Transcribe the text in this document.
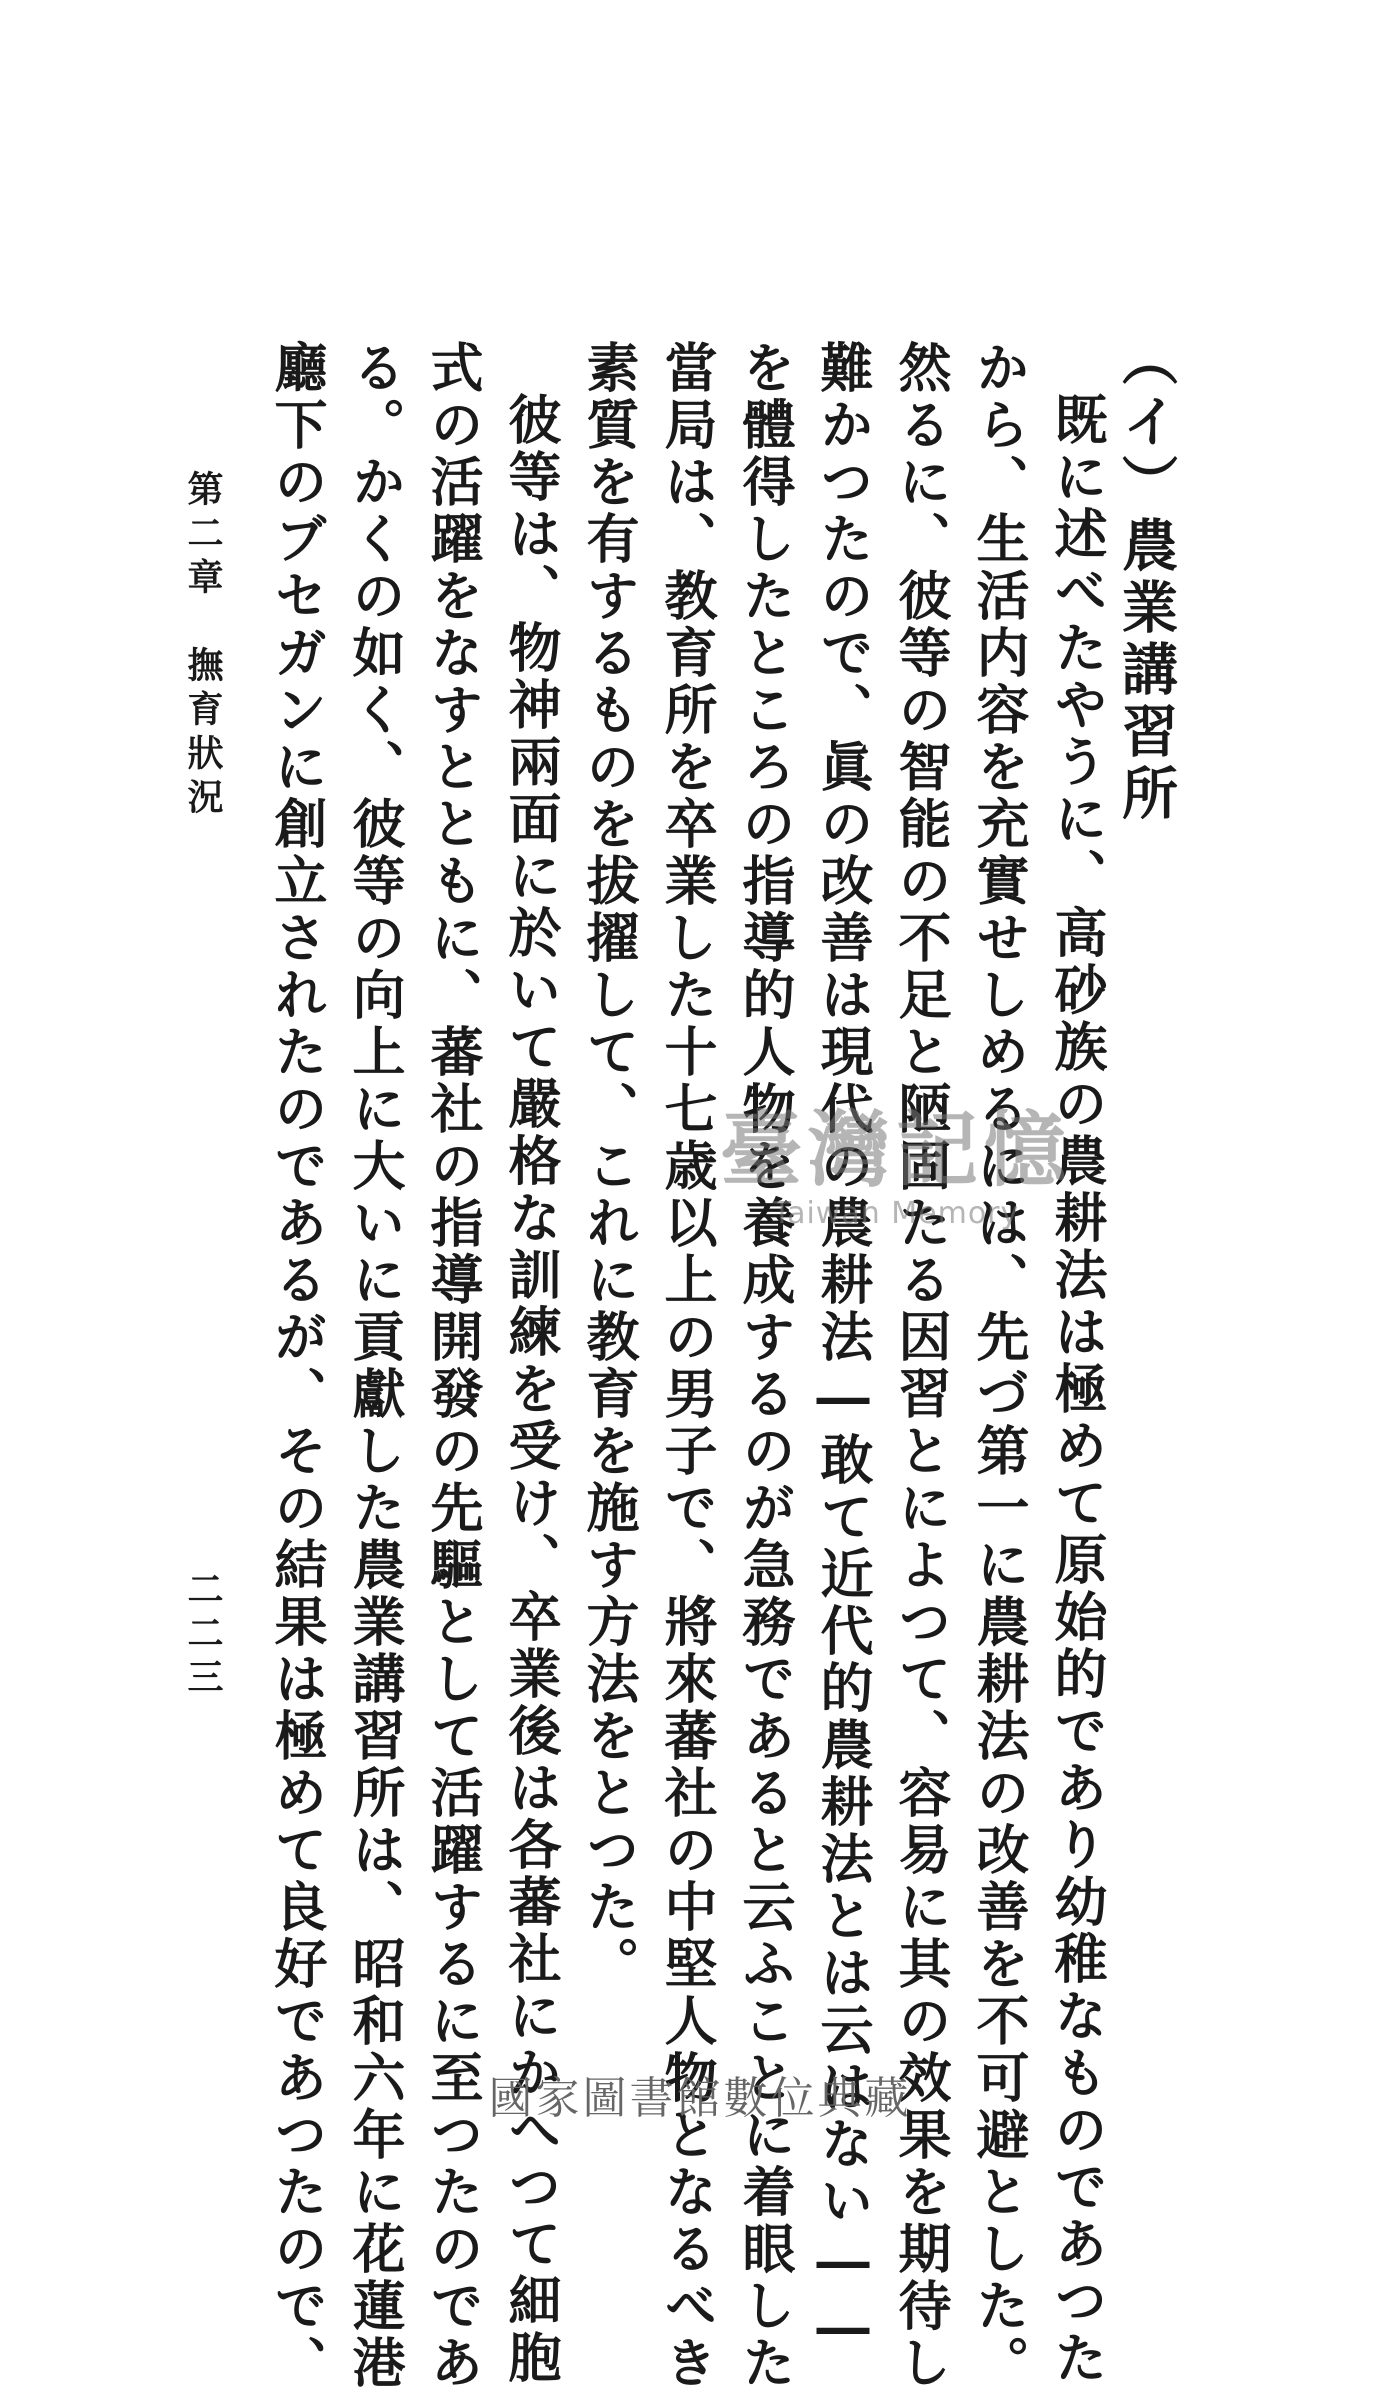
（イ）農業講習所
既に述べたやうに、高砂族の農耕法は極めて原始的であり幼稚なものであつた
から、生活内容を充實せしめるには、先づ第一に農耕法の改善を不可避とした。
然るに、彼等の智能の不足と陋固たる因習とによつて、容易に其の效果を期待し
難かつたので、眞の改善は現代の農耕法―敢て近代的農耕法とは云はない――
を體得したところの指導的人物を養成するのが急務であると云ふことに着眼した
當局は、教育所を卒業した十七歳以上の男子で、將來蕃社の中堅人物となるべき
素質を有するものを拔擢して、これに教育を施す方法をとつた。
彼等は、物神兩面に於いて嚴格な訓練を受け、卒業後は各蕃社にかへつて細胞
式の活躍をなすとともに、蕃社の指導開發の先驅として活躍するに至つたのであ
る。かくの如く、彼等の向上に大いに貢獻した農業講習所は、昭和六年に花蓮港
廳下のブセガンに創立されたのであるが、その結果は極めて良好であつたので、
第二章　撫育狀況
二二三
臺灣記憶
Taiwan Memory
國家圖書館數位典藏
